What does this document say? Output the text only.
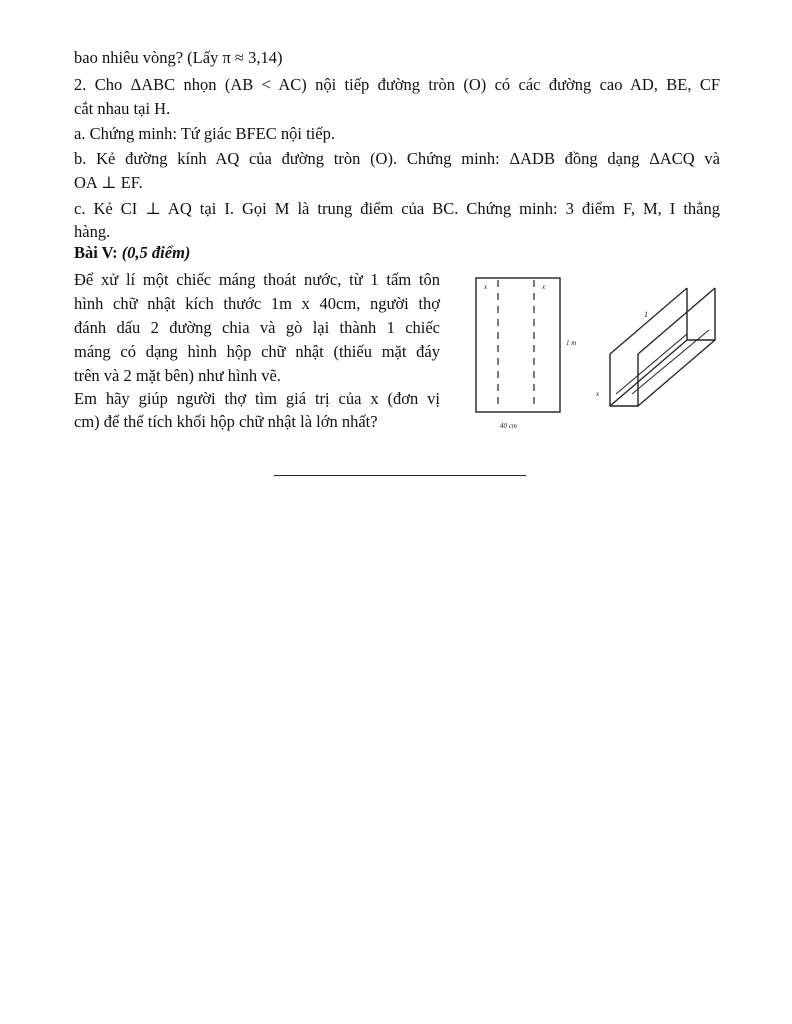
bao nhiêu vòng? (Lấy π ≈ 3,14)
2. Cho ΔABC nhọn (AB < AC) nội tiếp đường tròn (O) có các đường cao AD, BE, CF
cắt nhau tại H.
a. Chứng minh: Tứ giác BFEC nội tiếp.
b. Kẻ đường kính AQ của đường tròn (O). Chứng minh: ΔADB đồng dạng ΔACQ và
OA ⊥ EF.
c. Kẻ CI ⊥ AQ tại I. Gọi M là trung điểm của BC. Chứng minh: 3 điểm F, M, I thẳng
hàng.
Bài V: (0,5 điểm)
Để xử lí một chiếc máng thoát nước, từ 1 tấm tôn
hình chữ nhật kích thước 1m x 40cm, người thợ
đánh dấu 2 đường chia và gò lại thành 1 chiếc
máng có dạng hình hộp chữ nhật (thiếu mặt đáy
trên và 2 mặt bên) như hình vẽ.
Em hãy giúp người thợ tìm giá trị của x (đơn vị
cm) để thể tích khối hộp chữ nhật là lớn nhất?
x	x
1 m
40 cm
1
x
